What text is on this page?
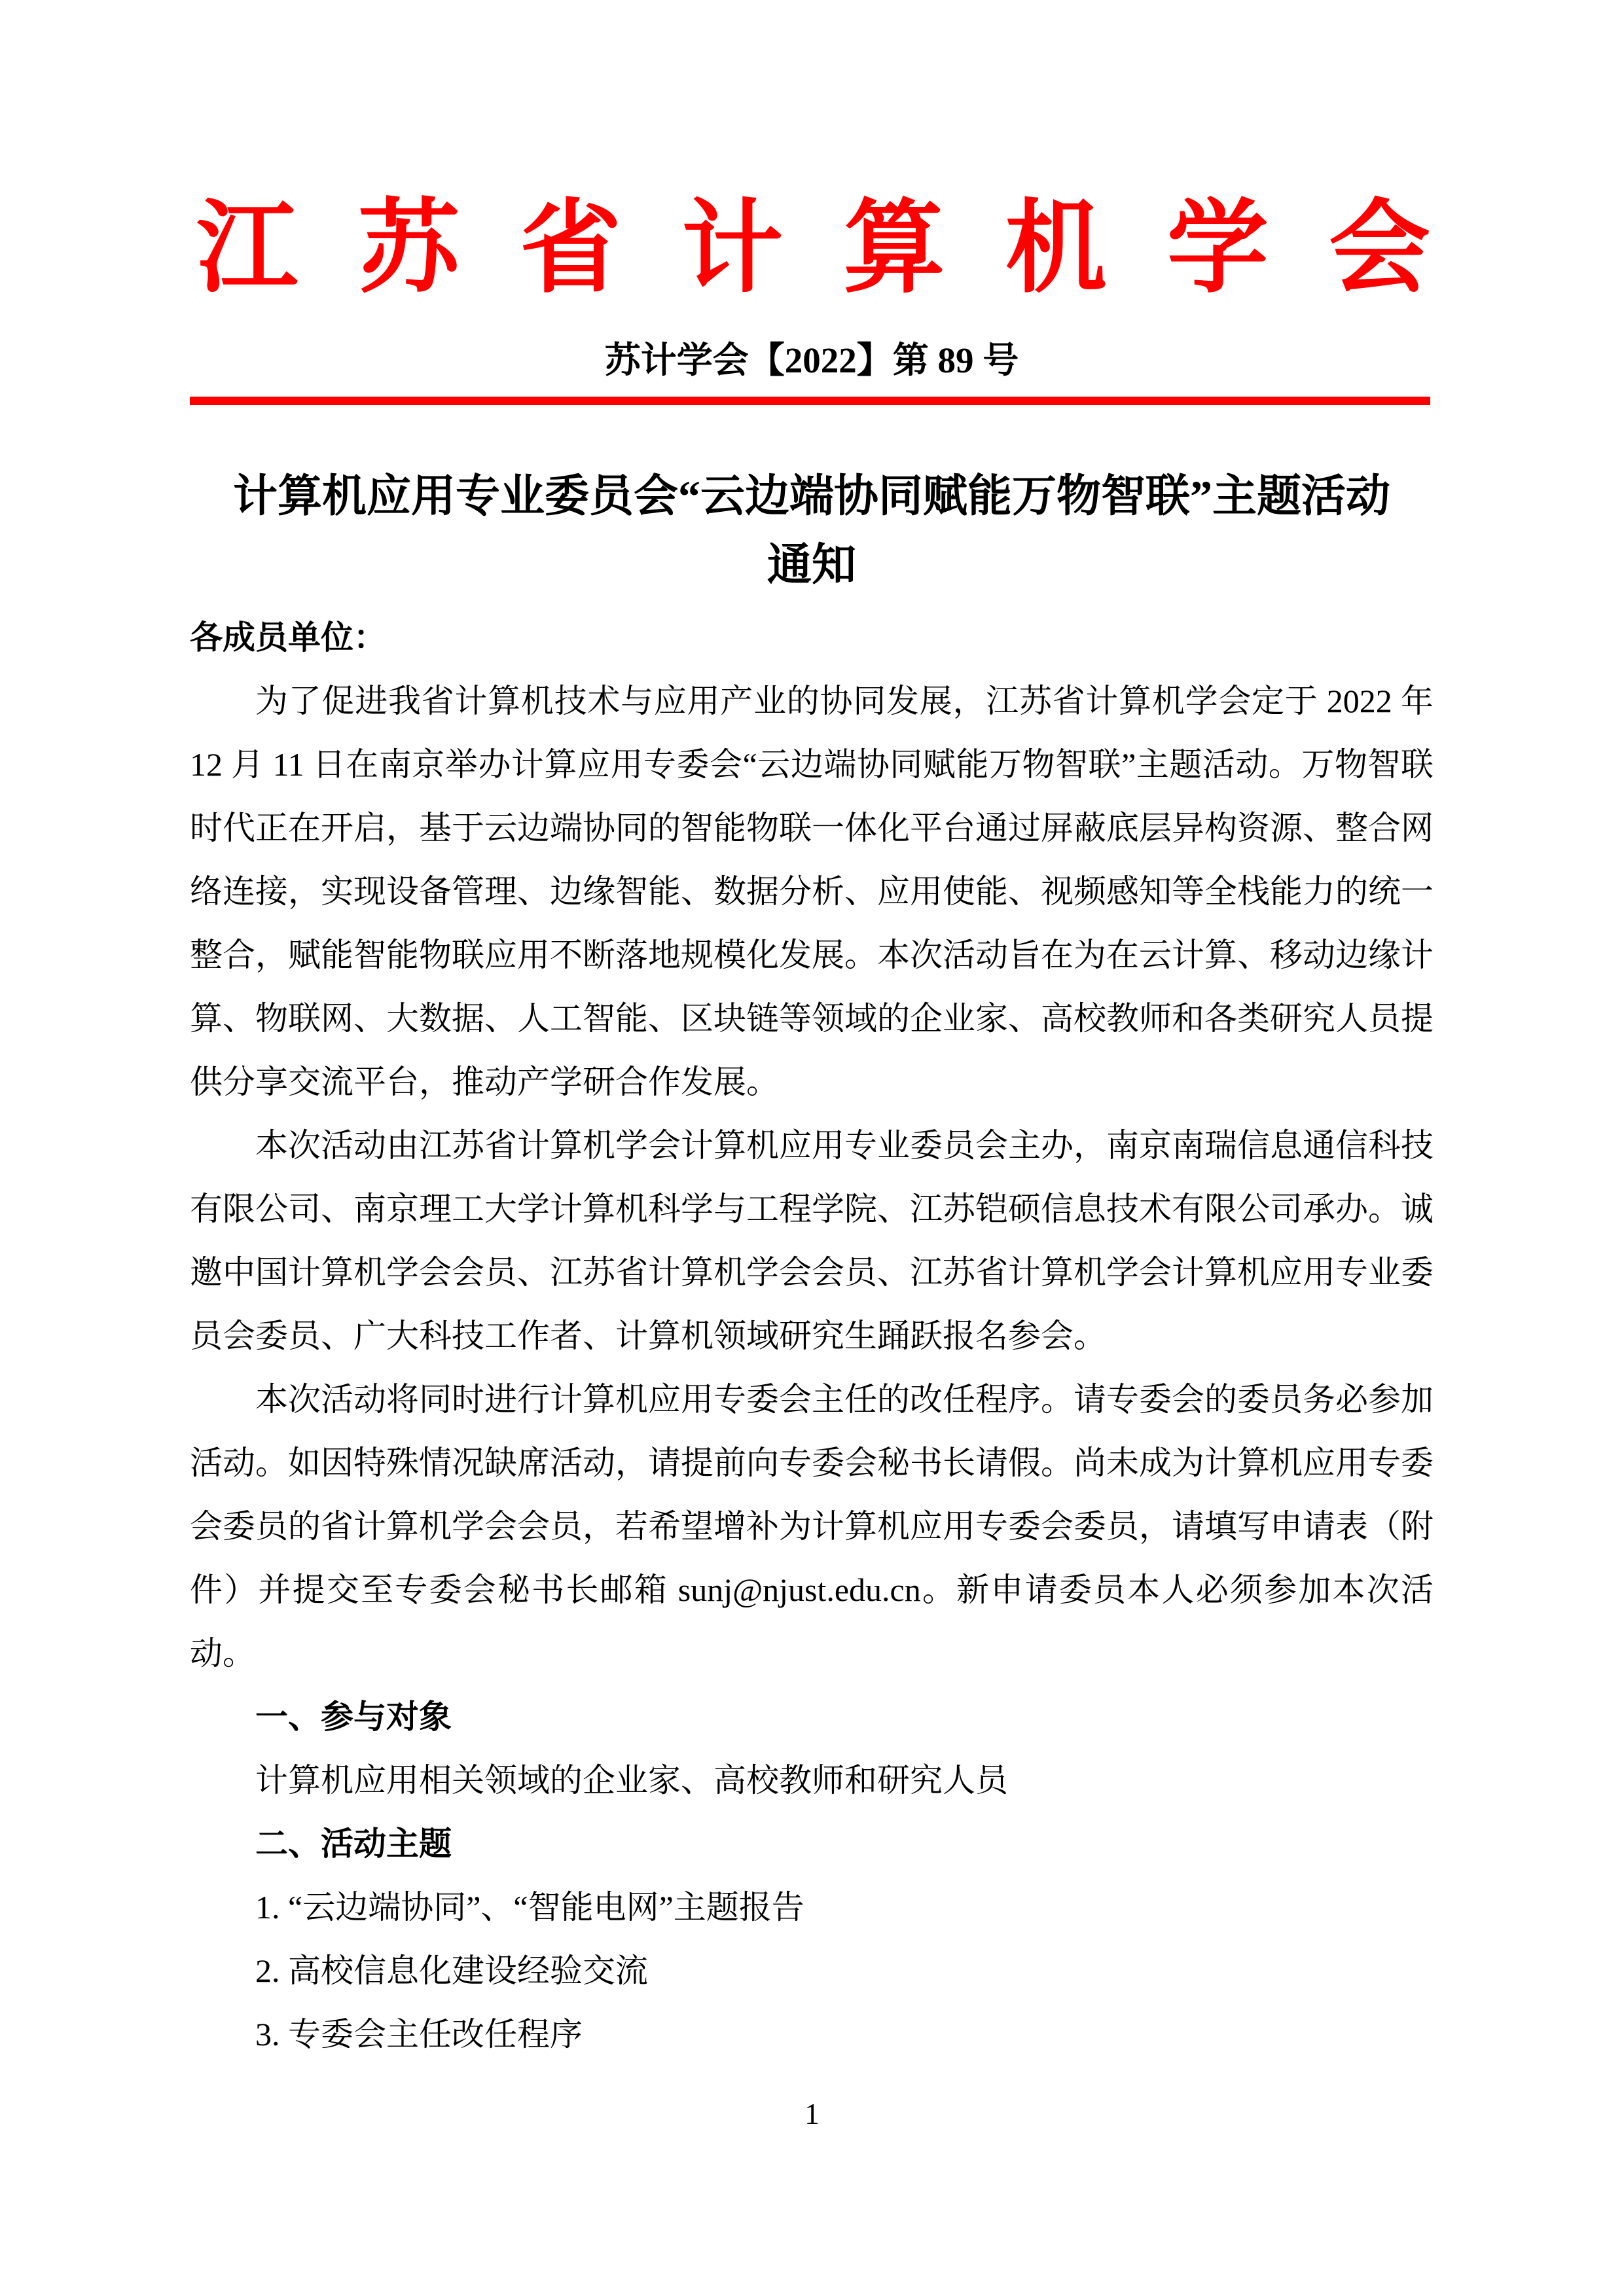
江 苏 省 计 算 机 学 会
苏计学会【2022】第 89 号
计算机应用专业委员会“云边端协同赋能万物智联”主题活动
通知

各成员单位：

为了促进我省计算机技术与应用产业的协同发展，江苏省计算机学会定于 2022 年 12 月 11 日在南京举办计算应用专委会“云边端协同赋能万物智联”主题活动。万物智联时代正在开启，基于云边端协同的智能物联一体化平台通过屏蔽底层异构资源、整合网络连接，实现设备管理、边缘智能、数据分析、应用使能、视频感知等全栈能力的统一整合，赋能智能物联应用不断落地规模化发展。本次活动旨在为在云计算、移动边缘计算、物联网、大数据、人工智能、区块链等领域的企业家、高校教师和各类研究人员提供分享交流平台，推动产学研合作发展。

本次活动由江苏省计算机学会计算机应用专业委员会主办，南京南瑞信息通信科技有限公司、南京理工大学计算机科学与工程学院、江苏铠硕信息技术有限公司承办。诚邀中国计算机学会会员、江苏省计算机学会会员、江苏省计算机学会计算机应用专业委员会委员、广大科技工作者、计算机领域研究生踊跃报名参会。

本次活动将同时进行计算机应用专委会主任的改任程序。请专委会的委员务必参加活动。如因特殊情况缺席活动，请提前向专委会秘书长请假。尚未成为计算机应用专委会委员的省计算机学会会员，若希望增补为计算机应用专委会委员，请填写申请表（附件）并提交至专委会秘书长邮箱 sunj@njust.edu.cn。新申请委员本人必须参加本次活动。

一、参与对象

计算机应用相关领域的企业家、高校教师和研究人员

二、活动主题

1. “云边端协同”、“智能电网”主题报告

2. 高校信息化建设经验交流

3. 专委会主任改任程序

1
